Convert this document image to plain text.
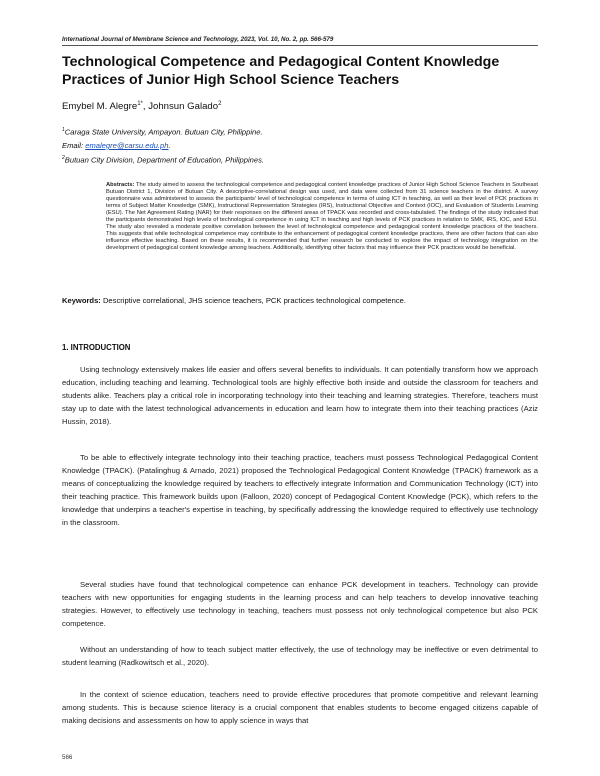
International Journal of Membrane Science and Technology, 2023, Vol. 10, No. 2, pp. 566-579
Technological Competence and Pedagogical Content Knowledge Practices of Junior High School Science Teachers
Emybel M. Alegre$^{1*}$, Johnsun Galado$^2$
$^1$Caraga State University, Ampayon. Butuan City, Philippine.
Email: emalegre@carsu.edu.ph.
$^2$Butuan City Division, Department of Education, Philippines.

Abstracts: The study aimed to assess the technological competence and pedagogical content knowledge practices of Junior High School Science Teachers in Southeast Butuan District 1, Division of Butuan City. A descriptive-correlational design was used, and data were collected from 31 science teachers in the district. A survey questionnaire was administered to assess the participants' level of technological competence in terms of using ICT in teaching, as well as their level of PCK practices in terms of Subject Matter Knowledge (SMK), Instructional Representation Strategies (IRS), Instructional Objective and Context (IOC), and Evaluation of Students Learning (ESU). The Net Agreement Rating (NAR) for their responses on the different areas of TPACK was recorded and cross-tabulated. The findings of the study indicated that the participants demonstrated high levels of technological competence in using ICT in teaching and high levels of PCK practices in relation to SMK, IRS, IOC, and ESU. The study also revealed a moderate positive correlation between the level of technological competence and pedagogical content knowledge practices of the teachers. This suggests that while technological competence may contribute to the enhancement of pedagogical content knowledge practices, there are other factors that can also influence effective teaching. Based on these results, it is recommended that further research be conducted to explore the impact of technology integration on the development of pedagogical content knowledge among teachers. Additionally, identifying other factors that may influence their PCK practices would be beneficial.

Keywords: Descriptive correlational, JHS science teachers, PCK practices technological competence.
1. INTRODUCTION

Using technology extensively makes life easier and offers several benefits to individuals. It can potentially transform how we approach education, including teaching and learning. Technological tools are highly effective both inside and outside the classroom for teachers and students alike. Teachers play a critical role in incorporating technology into their teaching and learning strategies. Therefore, teachers must stay up to date with the latest technological advancements in education and learn how to integrate them into their teaching practices (Aziz Hussin, 2018).

To be able to effectively integrate technology into their teaching practice, teachers must possess Technological Pedagogical Content Knowledge (TPACK). (Patalinghug & Arnado, 2021) proposed the Technological Pedagogical Content Knowledge (TPACK) framework as a means of conceptualizing the knowledge required by teachers to effectively integrate Information and Communication Technology (ICT) into their teaching practice. This framework builds upon (Falloon, 2020) concept of Pedagogical Content Knowledge (PCK), which refers to the knowledge that underpins a teacher's expertise in teaching, by specifically addressing the knowledge required to effectively use technology in the classroom.

Several studies have found that technological competence can enhance PCK development in teachers. Technology can provide teachers with new opportunities for engaging students in the learning process and can help teachers to develop innovative teaching strategies. However, to effectively use technology in teaching, teachers must possess not only technological competence but also PCK competence.

Without an understanding of how to teach subject matter effectively, the use of technology may be ineffective or even detrimental to student learning (Radkowitsch et al., 2020).

In the context of science education, teachers need to provide effective procedures that promote competitive and relevant learning among students. This is because science literacy is a crucial component that enables students to become engaged citizens capable of making decisions and assessments on how to apply science in ways that

566
